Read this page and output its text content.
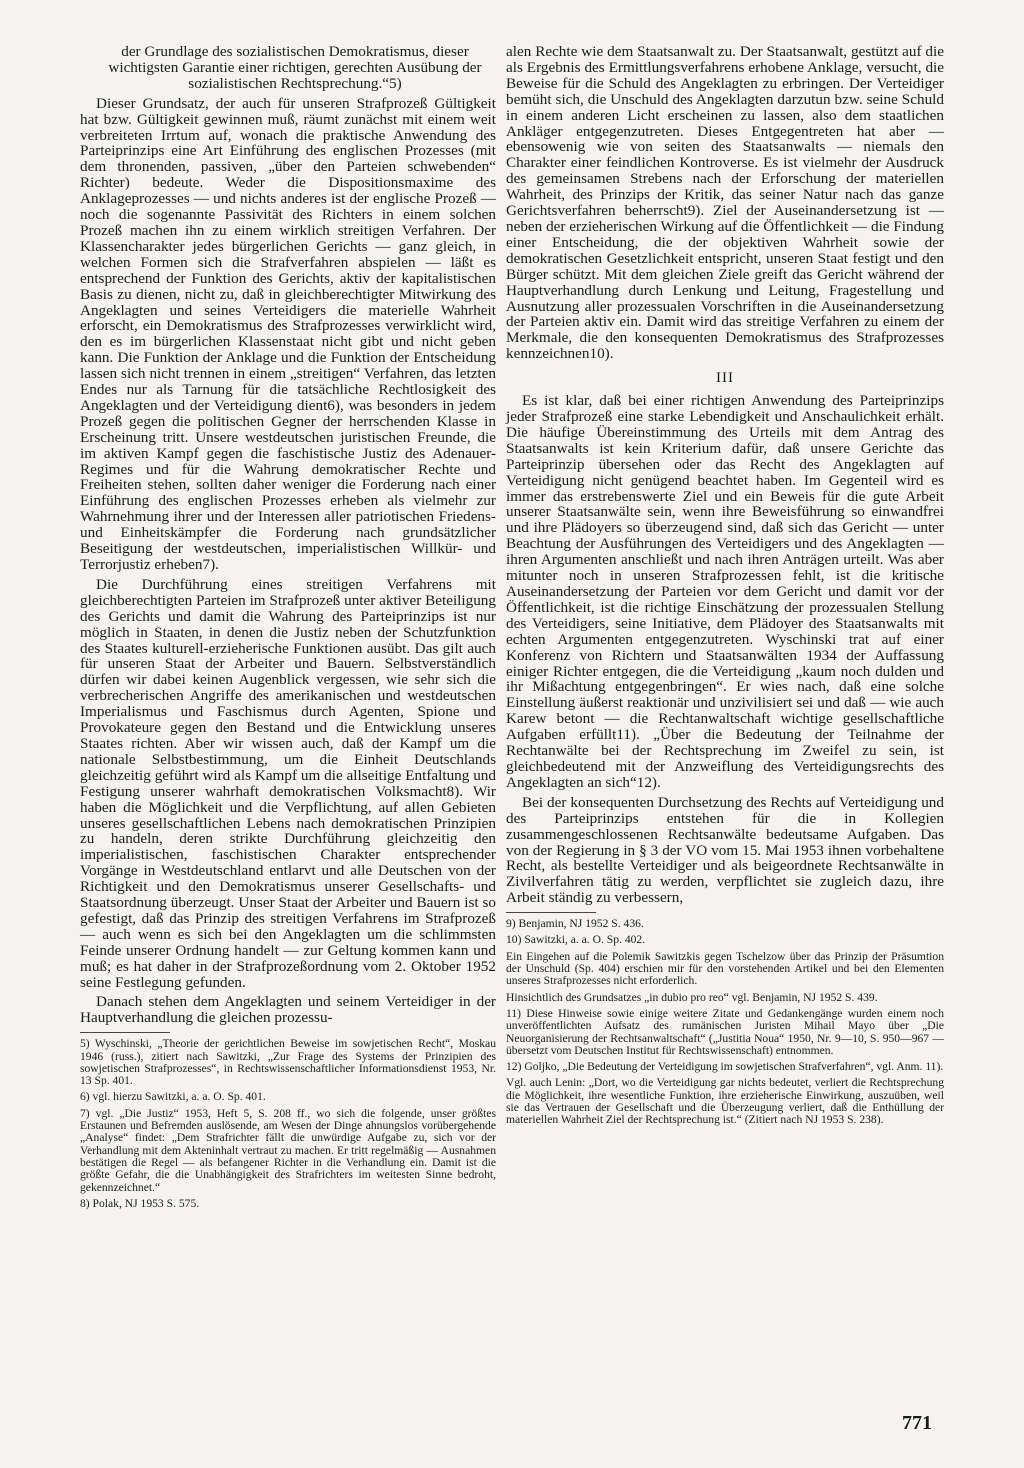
der Grundlage des sozialistischen Demokratismus, dieser wichtigsten Garantie einer richtigen, gerechten Ausübung der sozialistischen Rechtsprechung.“5)

Dieser Grundsatz, der auch für unseren Strafprozeß Gültigkeit hat bzw. Gültigkeit gewinnen muß, räumt zunächst mit einem weit verbreiteten Irrtum auf, wonach die praktische Anwendung des Parteiprinzips eine Art Einführung des englischen Prozesses (mit dem thronenden, passiven, „über den Parteien schwebenden“ Richter) bedeute. Weder die Dispositionsmaxime des Anklageprozesses — und nichts anderes ist der englische Prozeß — noch die sogenannte Passivität des Richters in einem solchen Prozeß machen ihn zu einem wirklich streitigen Verfahren. Der Klassencharakter jedes bürgerlichen Gerichts — ganz gleich, in welchen Formen sich die Strafverfahren abspielen — läßt es entsprechend der Funktion des Gerichts, aktiv der kapitalistischen Basis zu dienen, nicht zu, daß in gleichberechtigter Mitwirkung des Angeklagten und seines Verteidigers die materielle Wahrheit erforscht, ein Demokratismus des Strafprozesses verwirklicht wird, den es im bürgerlichen Klassenstaat nicht gibt und nicht geben kann. Die Funktion der Anklage und die Funktion der Entscheidung lassen sich nicht trennen in einem „streitigen“ Verfahren, das letzten Endes nur als Tarnung für die tatsächliche Rechtlosigkeit des Angeklagten und der Verteidigung dient6), was besonders in jedem Prozeß gegen die politischen Gegner der herrschenden Klasse in Erscheinung tritt. Unsere westdeutschen juristischen Freunde, die im aktiven Kampf gegen die faschistische Justiz des Adenauer-Regimes und für die Wahrung demokratischer Rechte und Freiheiten stehen, sollten daher weniger die Forderung nach einer Einführung des englischen Prozesses erheben als vielmehr zur Wahrnehmung ihrer und der Interessen aller patriotischen Friedens- und Einheitskämpfer die Forderung nach grundsätzlicher Beseitigung der westdeutschen, imperialistischen Willkür- und Terrorjustiz erheben7).

Die Durchführung eines streitigen Verfahrens mit gleichberechtigten Parteien im Strafprozeß unter aktiver Beteiligung des Gerichts und damit die Wahrung des Parteiprinzips ist nur möglich in Staaten, in denen die Justiz neben der Schutzfunktion des Staates kulturell-erzieherische Funktionen ausübt. Das gilt auch für unseren Staat der Arbeiter und Bauern. Selbstverständlich dürfen wir dabei keinen Augenblick vergessen, wie sehr sich die verbrecherischen Angriffe des amerikanischen und westdeutschen Imperialismus und Faschismus durch Agenten, Spione und Provokateure gegen den Bestand und die Entwicklung unseres Staates richten. Aber wir wissen auch, daß der Kampf um die nationale Selbstbestimmung, um die Einheit Deutschlands gleichzeitig geführt wird als Kampf um die allseitige Entfaltung und Festigung unserer wahrhaft demokratischen Volksmacht8). Wir haben die Möglichkeit und die Verpflichtung, auf allen Gebieten unseres gesellschaftlichen Lebens nach demokratischen Prinzipien zu handeln, deren strikte Durchführung gleichzeitig den imperialistischen, faschistischen Charakter entsprechender Vorgänge in Westdeutschland entlarvt und alle Deutschen von der Richtigkeit und den Demokratismus unserer Gesellschafts- und Staatsordnung überzeugt. Unser Staat der Arbeiter und Bauern ist so gefestigt, daß das Prinzip des streitigen Verfahrens im Strafprozeß — auch wenn es sich bei den Angeklagten um die schlimmsten Feinde unserer Ordnung handelt — zur Geltung kommen kann und muß; es hat daher in der Strafprozeßordnung vom 2. Oktober 1952 seine Festlegung gefunden.

Danach stehen dem Angeklagten und seinem Verteidiger in der Hauptverhandlung die gleichen prozessu-

5) Wyschinski, „Theorie der gerichtlichen Beweise im sowjetischen Recht“, Moskau 1946 (russ.), zitiert nach Sawitzki, „Zur Frage des Systems der Prinzipien des sowjetischen Strafprozesses“, in Rechtswissenschaftlicher Informationsdienst 1953, Nr. 13 Sp. 401.

6) vgl. hierzu Sawitzki, a. a. O. Sp. 401.

7) vgl. „Die Justiz“ 1953, Heft 5, S. 208 ff., wo sich die folgende, unser größtes Erstaunen und Befremden auslösende, am Wesen der Dinge ahnungslos vorübergehende „Analyse“ findet: „Dem Strafrichter fällt die unwürdige Aufgabe zu, sich vor der Verhandlung mit dem Akteninhalt vertraut zu machen. Er tritt regelmäßig — Ausnahmen bestätigen die Regel — als befangener Richter in die Verhandlung ein. Damit ist die größte Gefahr, die die Unabhängigkeit des Strafrichters im weitesten Sinne bedroht, gekennzeichnet.“

8) Polak, NJ 1953 S. 575.

alen Rechte wie dem Staatsanwalt zu. Der Staatsanwalt, gestützt auf die als Ergebnis des Ermittlungsverfahrens erhobene Anklage, versucht, die Beweise für die Schuld des Angeklagten zu erbringen. Der Verteidiger bemüht sich, die Unschuld des Angeklagten darzutun bzw. seine Schuld in einem anderen Licht erscheinen zu lassen, also dem staatlichen Ankläger entgegenzutreten. Dieses Entgegentreten hat aber — ebensowenig wie von seiten des Staatsanwalts — niemals den Charakter einer feindlichen Kontroverse. Es ist vielmehr der Ausdruck des gemeinsamen Strebens nach der Erforschung der materiellen Wahrheit, des Prinzips der Kritik, das seiner Natur nach das ganze Gerichtsverfahren beherrscht9). Ziel der Auseinandersetzung ist — neben der erzieherischen Wirkung auf die Öffentlichkeit — die Findung einer Entscheidung, die der objektiven Wahrheit sowie der demokratischen Gesetzlichkeit entspricht, unseren Staat festigt und den Bürger schützt. Mit dem gleichen Ziele greift das Gericht während der Hauptverhandlung durch Lenkung und Leitung, Fragestellung und Ausnutzung aller prozessualen Vorschriften in die Auseinandersetzung der Parteien aktiv ein. Damit wird das streitige Verfahren zu einem der Merkmale, die den konsequenten Demokratismus des Strafprozesses kennzeichnen10).

III

Es ist klar, daß bei einer richtigen Anwendung des Parteiprinzips jeder Strafprozeß eine starke Lebendigkeit und Anschaulichkeit erhält. Die häufige Übereinstimmung des Urteils mit dem Antrag des Staatsanwalts ist kein Kriterium dafür, daß unsere Gerichte das Parteiprinzip übersehen oder das Recht des Angeklagten auf Verteidigung nicht genügend beachtet haben. Im Gegenteil wird es immer das erstrebenswerte Ziel und ein Beweis für die gute Arbeit unserer Staatsanwälte sein, wenn ihre Beweisführung so einwandfrei und ihre Plädoyers so überzeugend sind, daß sich das Gericht — unter Beachtung der Ausführungen des Verteidigers und des Angeklagten — ihren Argumenten anschließt und nach ihren Anträgen urteilt. Was aber mitunter noch in unseren Strafprozessen fehlt, ist die kritische Auseinandersetzung der Parteien vor dem Gericht und damit vor der Öffentlichkeit, ist die richtige Einschätzung der prozessualen Stellung des Verteidigers, seine Initiative, dem Plädoyer des Staatsanwalts mit echten Argumenten entgegenzutreten. Wyschinski trat auf einer Konferenz von Richtern und Staatsanwälten 1934 der Auffassung einiger Richter entgegen, die die Verteidigung „kaum noch dulden und ihr Mißachtung entgegenbringen“. Er wies nach, daß eine solche Einstellung äußerst reaktionär und unzivilisiert sei und daß — wie auch Karew betont — die Rechtanwaltschaft wichtige gesellschaftliche Aufgaben erfüllt11). „Über die Bedeutung der Teilnahme der Rechtanwälte bei der Rechtsprechung im Zweifel zu sein, ist gleichbedeutend mit der Anzweiflung des Verteidigungsrechts des Angeklagten an sich“12).

Bei der konsequenten Durchsetzung des Rechts auf Verteidigung und des Parteiprinzips entstehen für die in Kollegien zusammengeschlossenen Rechtsanwälte bedeutsame Aufgaben. Das von der Regierung in § 3 der VO vom 15. Mai 1953 ihnen vorbehaltene Recht, als bestellte Verteidiger und als beigeordnete Rechtsanwälte in Zivilverfahren tätig zu werden, verpflichtet sie zugleich dazu, ihre Arbeit ständig zu verbessern,

9) Benjamin, NJ 1952 S. 436.

10) Sawitzki, a. a. O. Sp. 402.

Ein Eingehen auf die Polemik Sawitzkis gegen Tschelzow über das Prinzip der Präsumtion der Unschuld (Sp. 404) erschien mir für den vorstehenden Artikel und bei den Elementen unseres Strafprozesses nicht erforderlich.

Hinsichtlich des Grundsatzes „in dubio pro reo“ vgl. Benjamin, NJ 1952 S. 439.

11) Diese Hinweise sowie einige weitere Zitate und Gedankengänge wurden einem noch unveröffentlichten Aufsatz des rumänischen Juristen Mihail Mayo über „Die Neuorganisierung der Rechtsanwaltschaft“ („Justitia Noua“ 1950, Nr. 9—10, S. 950—967 — übersetzt vom Deutschen Institut für Rechtswissenschaft) entnommen.

12) Goljko, „Die Bedeutung der Verteidigung im sowjetischen Strafverfahren“, vgl. Anm. 11).

Vgl. auch Lenin: „Dort, wo die Verteidigung gar nichts bedeutet, verliert die Rechtsprechung die Möglichkeit, ihre wesentliche Funktion, ihre erzieherische Einwirkung, auszuüben, weil sie das Vertrauen der Gesellschaft und die Überzeugung verliert, daß die Enthüllung der materiellen Wahrheit Ziel der Rechtsprechung ist.“ (Zitiert nach NJ 1953 S. 238).

771
